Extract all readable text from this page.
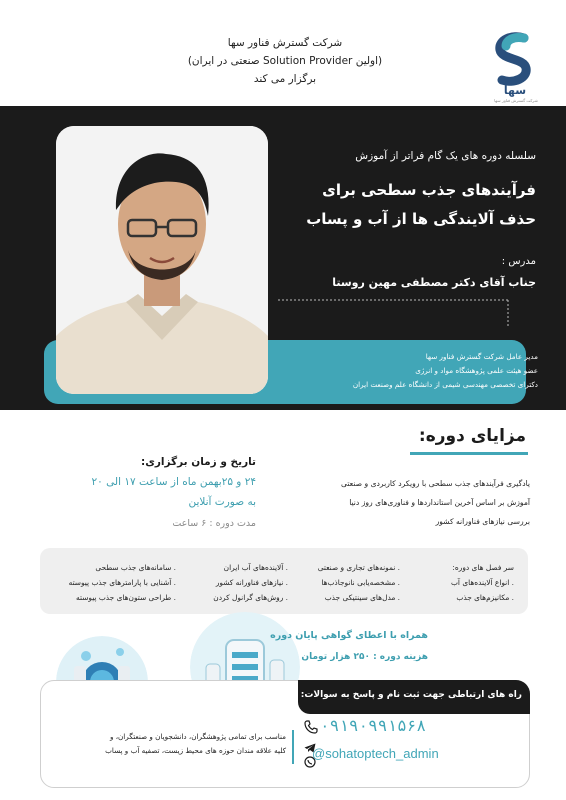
شرکت گسترش فناور سها
(اولین Solution Provider صنعتی در ایران)
برگزار می کند
سها
شرکت گسترش فناور سها
سلسله دوره های یک گام فراتر از آموزش
فرآیندهای جذب سطحی برای
حذف آلایندگی ها از آب و پساب
مدرس :
جناب آقای دکتر مصطفی مهین روستا
مدیر عامل شرکت گسترش فناور سها
عضو هیئت علمی پژوهشگاه مواد و انرژی
دکترای تخصصی مهندسی شیمی از دانشگاه علم وصنعت ایران
مزایای دوره:
یادگیری فرآیندهای جذب سطحی با رویکرد کاربردی و صنعتی
آموزش بر اساس آخرین استانداردها و فناوری‌های روز دنیا
بررسی نیازهای فناورانه کشور
تاریخ و زمان برگزاری:
۲۴ و ۲۵بهمن ماه از ساعت ۱۷ الی ۲۰
به صورت آنلاین
مدت دوره : ۶ ساعت
سر فصل های دوره:
. انواع آلاینده‌های آب
. مکانیزم‌های جذب
. نمونه‌های تجاری و صنعتی
. مشخصه‌یابی نانوجاذب‌ها
. مدل‌های سینتیکی جذب
. آلاینده‌های آب ایران
. نیازهای فناورانه کشور
. روش‌های گرانول کردن
. سامانه‌های جذب سطحی
. آشنایی با پارامترهای جذب پیوسته
. طراحی ستون‌های جذب پیوسته
همراه با اعطای گواهی پایان دوره
هزینه دوره : ۲۵۰ هزار تومان
راه های ارتباطی جهت ثبت نام و پاسخ به سوالات:
۰۹۱۹۰۹۹۱۵۶۸
@sohatoptech_admin
مناسب برای تمامی پژوهشگران، دانشجویان و صنعتگران، و
کلیه علاقه مندان حوزه های محیط زیست، تصفیه آب و پساب
